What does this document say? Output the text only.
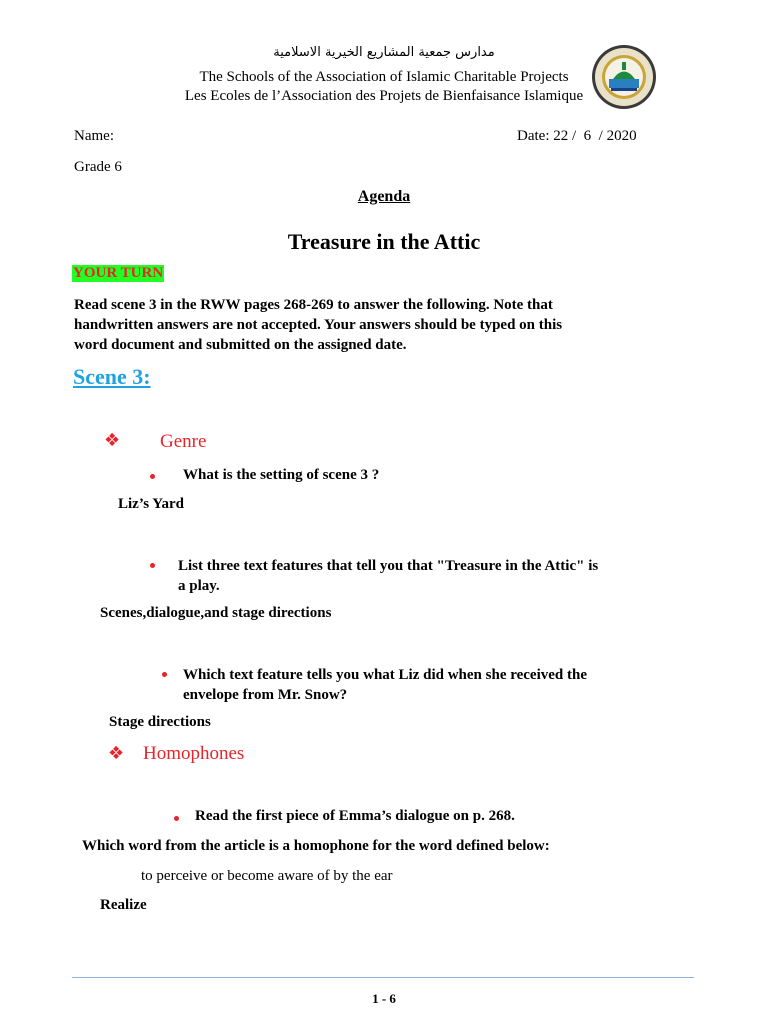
مدارس جمعية المشاريع الخيرية الاسلامية
The Schools of the Association of Islamic Charitable Projects
Les Ecoles de l’Association des Projets de Bienfaisance Islamique
Name:	Date: 22 /  6  / 2020
Grade 6
Agenda
Treasure in the Attic
YOUR TURN
Read scene 3 in the RWW pages 268-269 to answer the following. Note that
handwritten answers are not accepted. Your answers should be typed on this
word document and submitted on the assigned date.
Scene 3:
❖ Genre
What is the setting of scene 3 ?
Liz’s Yard
List three text features that tell you that "Treasure in the Attic" is
a play.
Scenes,dialogue,and stage directions
Which text feature tells you what Liz did when she received the
envelope from Mr. Snow?
Stage directions
❖ Homophones
Read the first piece of Emma’s dialogue on p. 268.
Which word from the article is a homophone for the word defined below:
to perceive or become aware of by the ear
Realize
1 - 6
